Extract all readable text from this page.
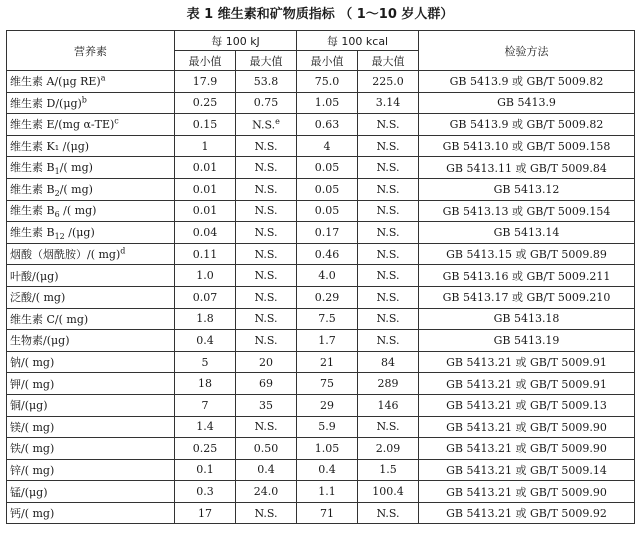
表 1 维生素和矿物质指标 （ 1～10 岁人群）
营养素	每 100 kJ		每 100 kcal		检验方法
	最小值	最大值	最小值	最大值	
维生素 A/(μg RE)$^a$	17.9	53.8	75.0	225.0	GB 5413.9 或 GB/T 5009.82
维生素 $D/(\mu g)^b$	0.25	0.75	1.05	3.14	GB 5413.9
维生素 E/(mg α-TE)$^c$	0.15	N.S.$^e$	0.63	N.S.	GB 5413.9 或 GB/T 5009.82
维生素 K₁ /(μg)	1	N.S.	4	N.S.	GB 5413.10 或 GB/T 5009.158
维生素 $B_1/$( mg)	0.01	N.S.	0.05	N.S.	GB 5413.11 或 GB/T 5009.84
维生素 $B_2/$( mg)	0.01	N.S.	0.05	N.S.	GB 5413.12
维生素 $B_6$ /( mg)	0.01	N.S.	0.05	N.S.	GB 5413.13 或 GB/T 5009.154
维生素 $B_{12}$ /(μg)	0.04	N.S.	0.17	N.S.	GB 5413.14
烟酸（烟酰胺）/( mg)$^d$	0.11	N.S.	0.46	N.S.	GB 5413.15 或 GB/T 5009.89
叶酸/(μg)	1.0	N.S.	4.0	N.S.	GB 5413.16 或 GB/T 5009.211
泛酸/( mg)	0.07	N.S.	0.29	N.S.	GB 5413.17 或 GB/T 5009.210
维生素 C/( mg)	1.8	N.S.	7.5	N.S.	GB 5413.18
生物素/(μg)	0.4	N.S.	1.7	N.S.	GB 5413.19
钠/( mg)	5	20	21	84	GB 5413.21 或 GB/T 5009.91
钾/( mg)	18	69	75	289	GB 5413.21 或 GB/T 5009.91
铜/(μg)	7	35	29	146	GB 5413.21 或 GB/T 5009.13
镁/( mg)	1.4	N.S.	5.9	N.S.	GB 5413.21 或 GB/T 5009.90
铁/( mg)	0.25	0.50	1.05	2.09	GB 5413.21 或 GB/T 5009.90
锌/( mg)	0.1	0.4	0.4	1.5	GB 5413.21 或 GB/T 5009.14
锰/(μg)	0.3	24.0	1.1	100.4	GB 5413.21 或 GB/T 5009.90
钙/( mg)	17	N.S.	71	N.S.	GB 5413.21 或 GB/T 5009.92
